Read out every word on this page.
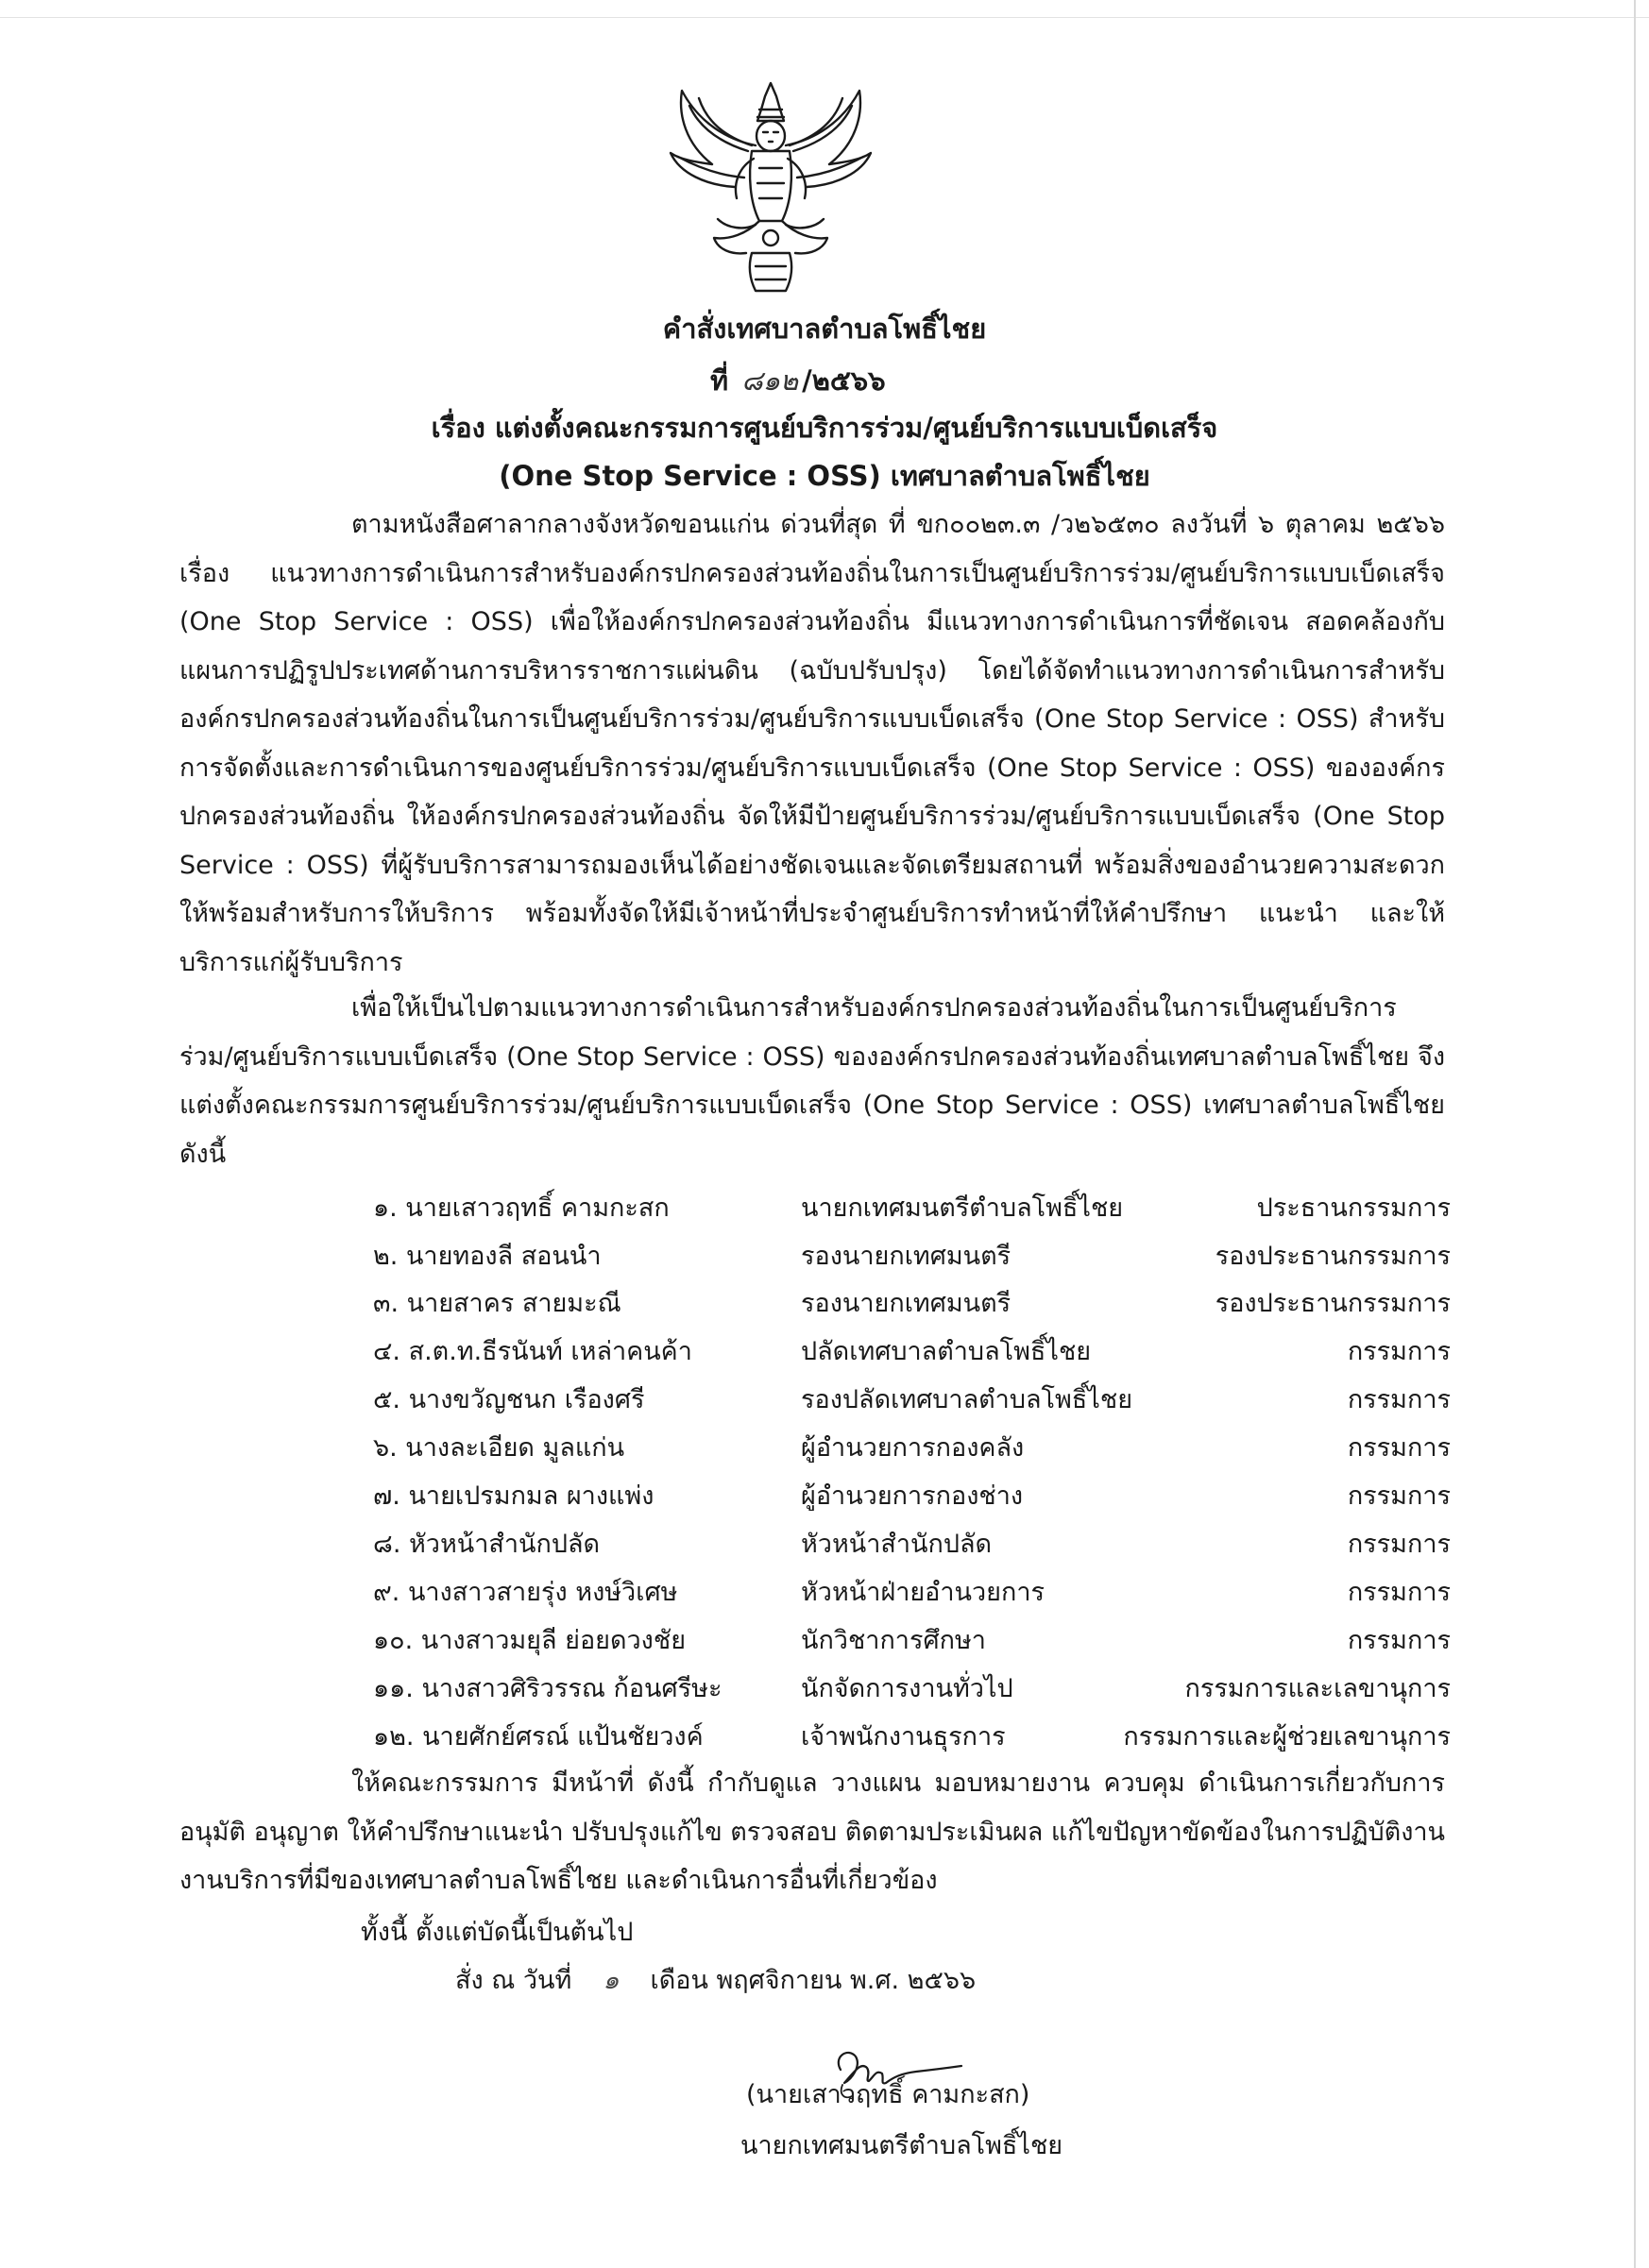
คำสั่งเทศบาลตำบลโพธิ์ไชย
ที่ ๘๑๒ /๒๕๖๖
เรื่อง แต่งตั้งคณะกรรมการศูนย์บริการร่วม/ศูนย์บริการแบบเบ็ดเสร็จ
(One Stop Service : OSS) เทศบาลตำบลโพธิ์ไชย
ตามหนังสือศาลากลางจังหวัดขอนแก่น ด่วนที่สุด ที่ ขก๐๐๒๓.๓ /ว๒๖๕๓๐ ลงวันที่ ๖ ตุลาคม ๒๕๖๖ เรื่อง แนวทางการดำเนินการสำหรับองค์กรปกครองส่วนท้องถิ่นในการเป็นศูนย์บริการร่วม/ศูนย์บริการแบบเบ็ดเสร็จ (One Stop Service : OSS) เพื่อให้องค์กรปกครองส่วนท้องถิ่น มีแนวทางการดำเนินการที่ชัดเจน สอดคล้องกับแผนการปฏิรูปประเทศด้านการบริหารราชการแผ่นดิน (ฉบับปรับปรุง) โดยได้จัดทำแนวทางการดำเนินการสำหรับองค์กรปกครองส่วนท้องถิ่นในการเป็นศูนย์บริการร่วม/ศูนย์บริการแบบเบ็ดเสร็จ (One Stop Service : OSS) สำหรับการจัดตั้งและการดำเนินการของศูนย์บริการร่วม/ศูนย์บริการแบบเบ็ดเสร็จ (One Stop Service : OSS) ขององค์กรปกครองส่วนท้องถิ่น ให้องค์กรปกครองส่วนท้องถิ่น จัดให้มีป้ายศูนย์บริการร่วม/ศูนย์บริการแบบเบ็ดเสร็จ (One Stop Service : OSS) ที่ผู้รับบริการสามารถมองเห็นได้อย่างชัดเจนและจัดเตรียมสถานที่ พร้อมสิ่งของอำนวยความสะดวกให้พร้อมสำหรับการให้บริการ พร้อมทั้งจัดให้มีเจ้าหน้าที่ประจำศูนย์บริการทำหน้าที่ให้คำปรึกษา แนะนำ และให้บริการแก่ผู้รับบริการ
เพื่อให้เป็นไปตามแนวทางการดำเนินการสำหรับองค์กรปกครองส่วนท้องถิ่นในการเป็นศูนย์บริการร่วม/ศูนย์บริการแบบเบ็ดเสร็จ (One Stop Service : OSS) ขององค์กรปกครองส่วนท้องถิ่นเทศบาลตำบลโพธิ์ไชย จึงแต่งตั้งคณะกรรมการศูนย์บริการร่วม/ศูนย์บริการแบบเบ็ดเสร็จ (One Stop Service : OSS) เทศบาลตำบลโพธิ์ไชย ดังนี้
๑. นายเสาวฤทธิ์ คามกะสก	นายกเทศมนตรีตำบลโพธิ์ไชย	ประธานกรรมการ
๒. นายทองลี สอนนำ	รองนายกเทศมนตรี	รองประธานกรรมการ
๓. นายสาคร สายมะณี	รองนายกเทศมนตรี	รองประธานกรรมการ
๔. ส.ต.ท.ธีรนันท์ เหล่าคนค้า	ปลัดเทศบาลตำบลโพธิ์ไชย	กรรมการ
๕. นางขวัญชนก เรืองศรี	รองปลัดเทศบาลตำบลโพธิ์ไชย	กรรมการ
๖. นางละเอียด มูลแก่น	ผู้อำนวยการกองคลัง	กรรมการ
๗. นายเปรมกมล ผางแพ่ง	ผู้อำนวยการกองช่าง	กรรมการ
๘. หัวหน้าสำนักปลัด	หัวหน้าสำนักปลัด	กรรมการ
๙. นางสาวสายรุ่ง หงษ์วิเศษ	หัวหน้าฝ่ายอำนวยการ	กรรมการ
๑๐. นางสาวมยุลี ย่อยดวงชัย	นักวิชาการศึกษา	กรรมการ
๑๑. นางสาวศิริวรรณ ก้อนศรีษะ	นักจัดการงานทั่วไป	กรรมการและเลขานุการ
๑๒. นายศักย์ศรณ์ แป้นชัยวงค์	เจ้าพนักงานธุรการ	กรรมการและผู้ช่วยเลขานุการ
ให้คณะกรรมการ มีหน้าที่ ดังนี้ กำกับดูแล วางแผน มอบหมายงาน ควบคุม ดำเนินการเกี่ยวกับการอนุมัติ อนุญาต ให้คำปรึกษาแนะนำ ปรับปรุงแก้ไข ตรวจสอบ ติดตามประเมินผล แก้ไขปัญหาขัดข้องในการปฏิบัติงาน งานบริการที่มีของเทศบาลตำบลโพธิ์ไชย และดำเนินการอื่นที่เกี่ยวข้อง
ทั้งนี้ ตั้งแต่บัดนี้เป็นต้นไป
สั่ง ณ วันที่ ๑ เดือน พฤศจิกายน พ.ศ. ๒๕๖๖
(นายเสาวฤทธิ์ คามกะสก)
นายกเทศมนตรีตำบลโพธิ์ไชย
